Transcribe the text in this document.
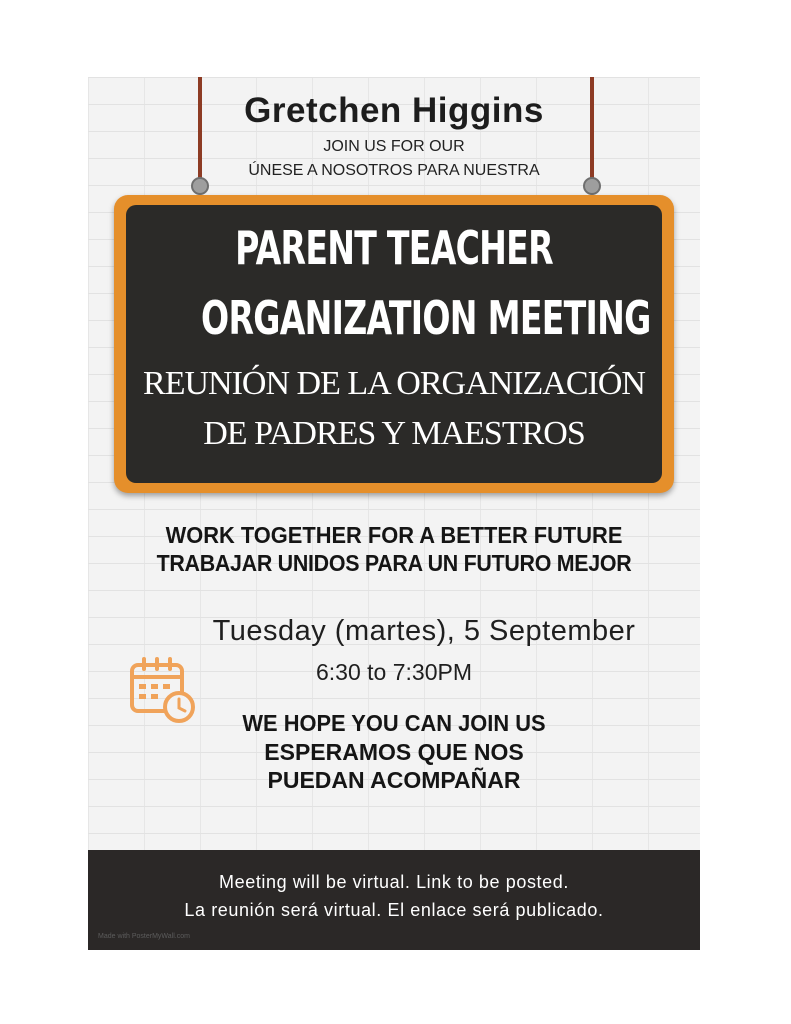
Gretchen Higgins

JOIN US FOR OUR

ÚNESE A NOSOTROS PARA NUESTRA

PARENT TEACHER

ORGANIZATION MEETING

REUNIÓN DE LA ORGANIZACIÓN

DE PADRES Y MAESTROS

WORK TOGETHER FOR A BETTER FUTURE

TRABAJAR UNIDOS PARA UN FUTURO MEJOR

Tuesday (martes), 5 September

6:30 to 7:30PM

WE HOPE YOU CAN JOIN US

ESPERAMOS QUE NOS

PUEDAN ACOMPAÑAR

Meeting will be virtual. Link to be posted.

La reunión será virtual. El enlace será publicado.

Made with PosterMyWall.com
